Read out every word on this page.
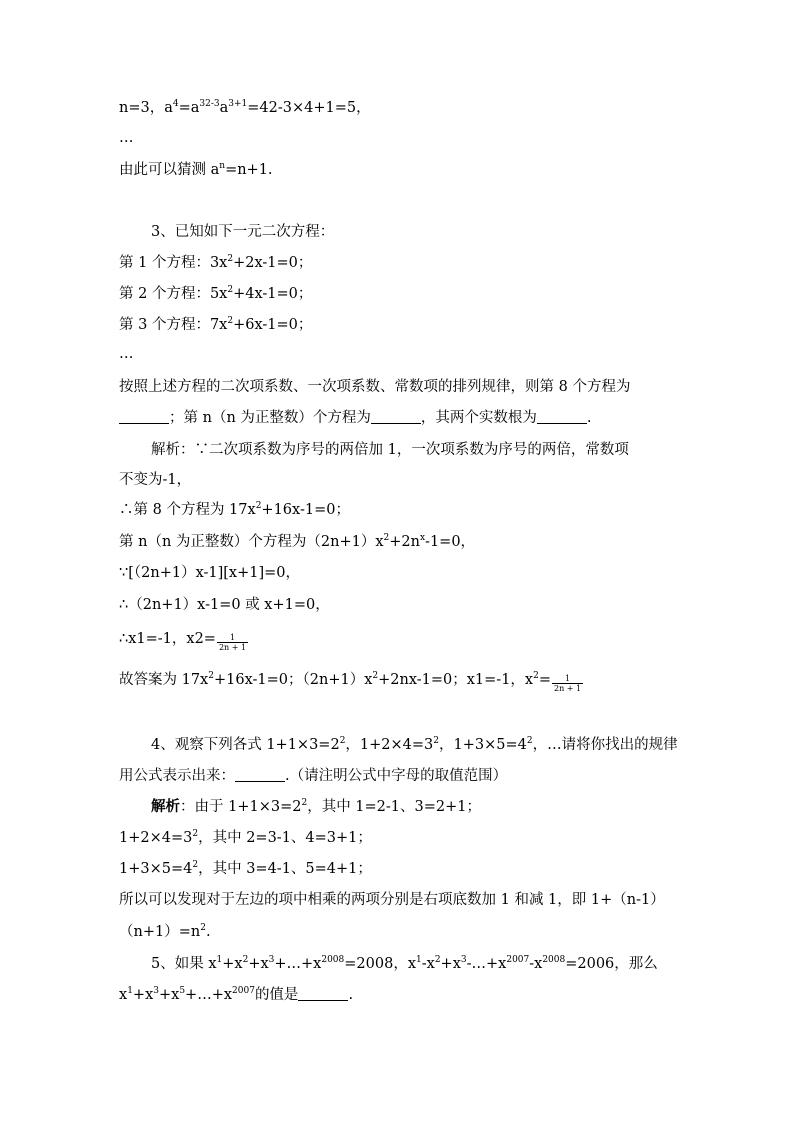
n=3，$a^4=a^{32-3}a^{3+1}=42-3\times 4+1=5$，
…
由此可以猜测 $a^n=n+1$.
3、已知如下一元二次方程：
第 1 个方程：$3x^2+2x-1=0$；
第 2 个方程：$5x^2+4x-1=0$；
第 3 个方程：$7x^2+6x-1=0$；
…
按照上述方程的二次项系数、一次项系数、常数项的排列规律，则第 8 个方程为
；第 n（n 为正整数）个方程为	，其两个实数根为	.
解析：∵二次项系数为序号的两倍加 1，一次项系数为序号的两倍，常数项
不变为-1，
∴第 8 个方程为 $17x^2+16x-1=0$；
第 n（n 为正整数）个方程为$(2n+1)x^2+2n^x-1=0$，
∵[（2n+1）x-1][x+1]=0，
∴（2n+1）x-1=0 或 x+1=0，
∴x1=-1，$x2= \frac{1}{2n + 1}$
故答案为 $17x^2+16x-1=0$；$(2n+1)x^2+2nx-1=0$；x1=-1，$x^2= \frac{1}{2n + 1}$
4、观察下列各式 $1+1\times 3=2^2$，$1+2\times 4=3^2$，$1+3\times 5=4^2$，…请将你找出的规律
用公式表示出来：	.（请注明公式中字母的取值范围）
解析：由于 $1+1\times 3=2^2$，其中 1=2-1、3=2+1；
$1+2\times 4=3^2$，其中 2=3-1、4=3+1；
$1+3\times 5=4^2$，其中 3=4-1、5=4+1；
所以可以发现对于左边的项中相乘的两项分别是右项底数加 1 和减 1，即 1+（n-1）
$(n+1)=n^2$.
5、如果 $x^1+x^2+x^3+\dots+x^{2008}=2008$，$x^1-x^2+x^3-\dots+x^{2007}-x^{2008}=2006$，那么
$x^1+x^3+x^5+\dots+x^{2007}$的值是	.
